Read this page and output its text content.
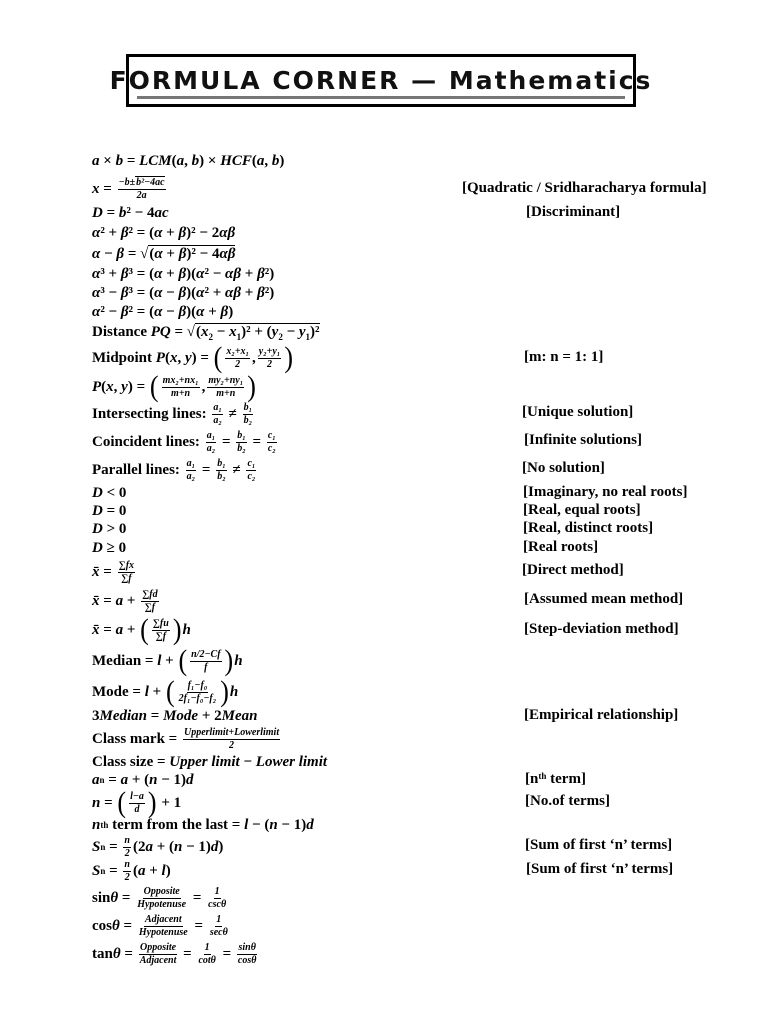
FORMULA CORNER — Mathematics
a × b = LCM ( a , b ) × HCF ( a , b )
$x = \frac{\text{−b±b²−4ac}}{2a}$	[Quadratic / Sridharacharya formula]
D = b ² − 4 ac	[Discriminant]
α ² + β ² = ( α + β )² − 2 αβ
α − β = √ (α + β)² − 4αβ
α ³ + β ³ = ( α + β )( α ² − αβ + β ²)
α ³ − β ³ = ( α − β )( α ² + αβ + β ²)
α ² − β ² = ( α − β )( α + β )
Distance PQ = √ $(x_2 - x_1)^2 + (y_2 - y_1)^2$
Midpoint P ( x , y ) = ( $\frac{\text{x₂+x₁}}{2}$ , $\frac{\text{y₂+y₁}}{2}$ )	[m: n = 1: 1]
P ( x , y ) = ( $\frac{\text{mx₂+nx₁}}{m+n}$ , $\frac{\text{my₂+ny₁}}{m+n}$ )
Intersecting lines: $\frac{\text{a₁}}{\text{a₂}} \ne \frac{\text{b₁}}{\text{b₂}}$	[Unique solution]
Coincident lines: $\frac{\text{a₁}}{\text{a₂}} = \frac{\text{b₁}}{\text{b₂}} = \frac{\text{c₁}}{\text{c₂}}$	[Infinite solutions]
Parallel lines: $\frac{\text{a₁}}{\text{a₂}} = \frac{\text{b₁}}{\text{b₂}} \ne \frac{\text{c₁}}{\text{c₂}}$	[No solution]
D < 0	[Imaginary, no real roots]
D = 0	[Real, equal roots]
D > 0	[Real, distinct roots]
D ≥ 0	[Real roots]
x̄ = $\frac{\sum fx}{\sum f}$	[Direct method]
x̄ = $a + \frac{\sum fd}{\sum f}$	[Assumed mean method]
x̄ = a + ( $\frac{\sum fu}{\sum f}$ ) h	[Step-deviation method]
Median = l + ( $\frac{n/2-Cf}{f}$ ) h
Mode = l + ( $\frac{\text{f₁−f₀}}{\text{2f₁−f₀−f₂}}$ ) h
3 Median = Mode + 2 Mean	[Empirical relationship]
Class mark = $\frac{\text{Upperlimit+Lowerlimit}}{2}$
Class size = Upper limit − Lower limit
a n = a + ( n − 1) d	[nᵗʰ term]
n = ( $\frac{l-a}{d}$ ) + 1	[No.of terms]
n th term from the last = l − ( n − 1) d
S $n = \frac{n}{2} (2$ a + ( n − 1) d )	[Sum of first ‘n’ terms]
S $n = \frac{n}{2}$ ( a + l )	[Sum of first ‘n’ terms]
$\sin \theta = \frac{\text{Opposite}}{\text{Hypotenuse}} = \frac{1}{\csc\theta}$
$\cos \theta = \frac{\text{Adjacent}}{\text{Hypotenuse}} = \frac{1}{\sec\theta}$
$\tan \theta = \frac{\text{Opposite}}{\text{Adjacent}} = \frac{1}{\cot\theta} = \frac{\sin\theta}{\cos\theta}$
